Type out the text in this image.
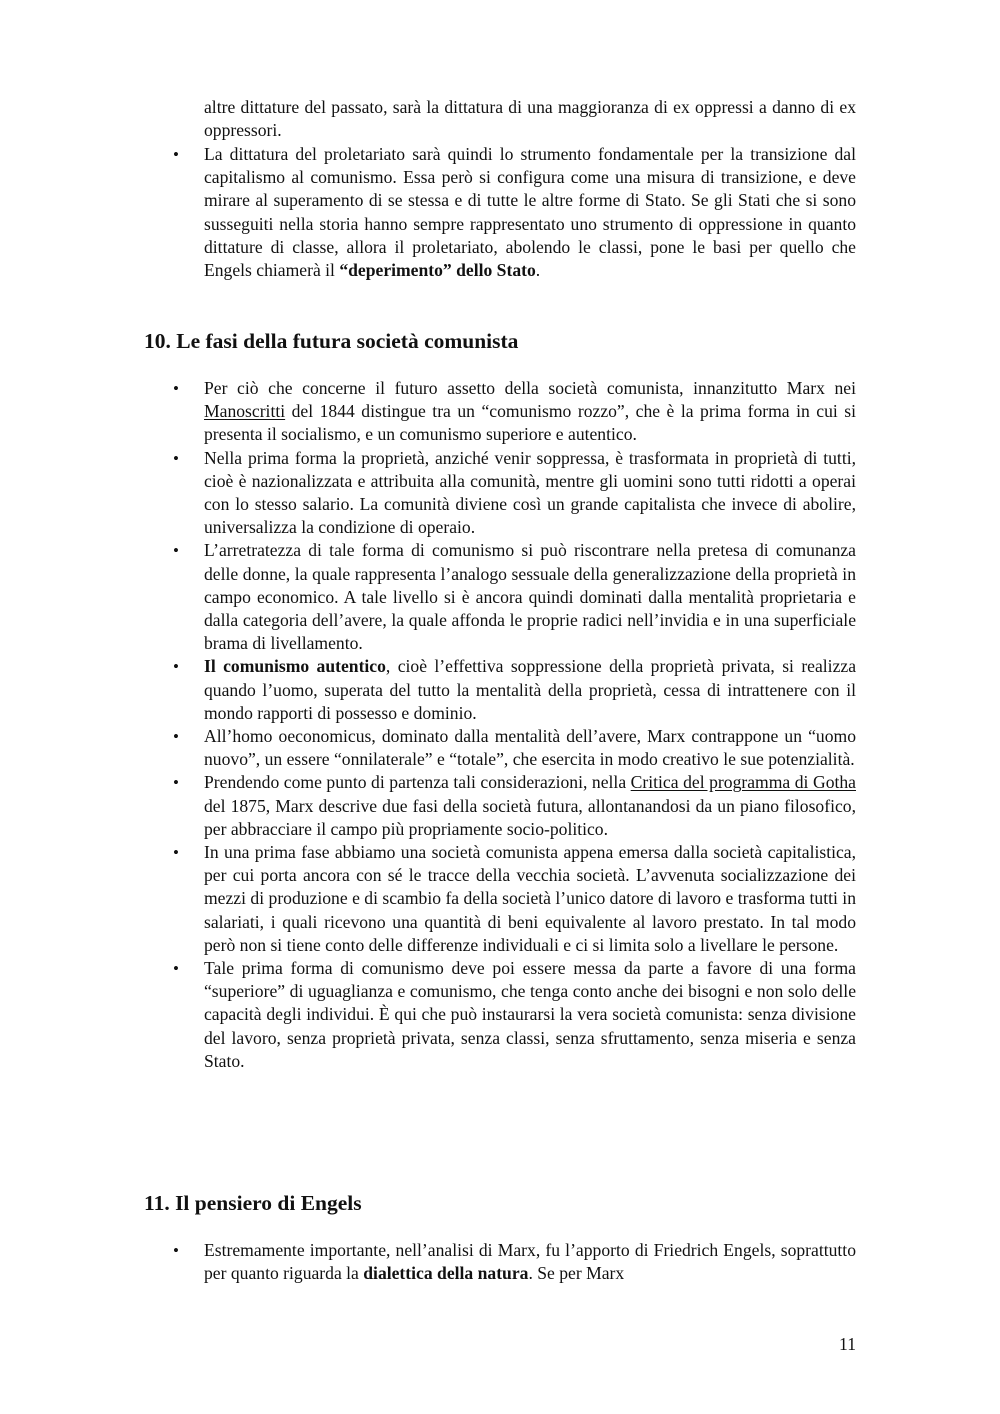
altre dittature del passato, sarà la dittatura di una maggioranza di ex oppressi a danno di ex oppressori.
• La dittatura del proletariato sarà quindi lo strumento fondamentale per la transizione dal capitalismo al comunismo. Essa però si configura come una misura di transizione, e deve mirare al superamento di se stessa e di tutte le altre forme di Stato. Se gli Stati che si sono susseguiti nella storia hanno sempre rappresentato uno strumento di oppressione in quanto dittature di classe, allora il proletariato, abolendo le classi, pone le basi per quello che Engels chiamerà il “deperimento” dello Stato.
10. Le fasi della futura società comunista
• Per ciò che concerne il futuro assetto della società comunista, innanzitutto Marx nei Manoscritti del 1844 distingue tra un “comunismo rozzo”, che è la prima forma in cui si presenta il socialismo, e un comunismo superiore e autentico.
• Nella prima forma la proprietà, anziché venir soppressa, è trasformata in proprietà di tutti, cioè è nazionalizzata e attribuita alla comunità, mentre gli uomini sono tutti ridotti a operai con lo stesso salario. La comunità diviene così un grande capitalista che invece di abolire, universalizza la condizione di operaio.
• L’arretratezza di tale forma di comunismo si può riscontrare nella pretesa di comunanza delle donne, la quale rappresenta l’analogo sessuale della generalizzazione della proprietà in campo economico. A tale livello si è ancora quindi dominati dalla mentalità proprietaria e dalla categoria dell’avere, la quale affonda le proprie radici nell’invidia e in una superficiale brama di livellamento.
• Il comunismo autentico, cioè l’effettiva soppressione della proprietà privata, si realizza quando l’uomo, superata del tutto la mentalità della proprietà, cessa di intrattenere con il mondo rapporti di possesso e dominio.
• All’homo oeconomicus, dominato dalla mentalità dell’avere, Marx contrappone un “uomo nuovo”, un essere “onnilaterale” e “totale”, che esercita in modo creativo le sue potenzialità.
• Prendendo come punto di partenza tali considerazioni, nella Critica del programma di Gotha del 1875, Marx descrive due fasi della società futura, allontanandosi da un piano filosofico, per abbracciare il campo più propriamente socio-politico.
• In una prima fase abbiamo una società comunista appena emersa dalla società capitalistica, per cui porta ancora con sé le tracce della vecchia società. L’avvenuta socializzazione dei mezzi di produzione e di scambio fa della società l’unico datore di lavoro e trasforma tutti in salariati, i quali ricevono una quantità di beni equivalente al lavoro prestato. In tal modo però non si tiene conto delle differenze individuali e ci si limita solo a livellare le persone.
• Tale prima forma di comunismo deve poi essere messa da parte a favore di una forma “superiore” di uguaglianza e comunismo, che tenga conto anche dei bisogni e non solo delle capacità degli individui. È qui che può instaurarsi la vera società comunista: senza divisione del lavoro, senza proprietà privata, senza classi, senza sfruttamento, senza miseria e senza Stato.
11. Il pensiero di Engels
• Estremamente importante, nell’analisi di Marx, fu l’apporto di Friedrich Engels, soprattutto per quanto riguarda la dialettica della natura. Se per Marx
11
